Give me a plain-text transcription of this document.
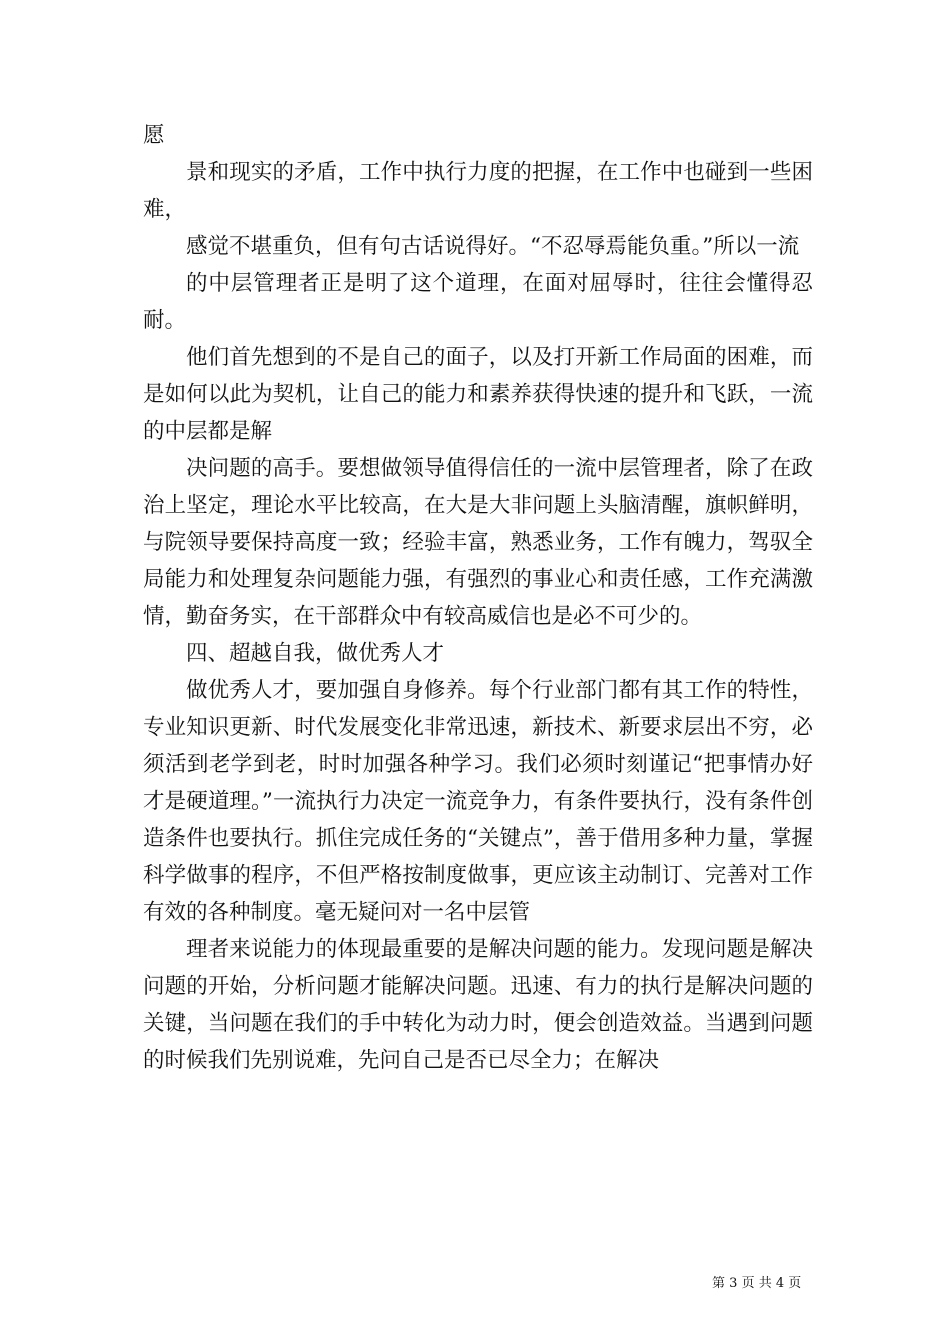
愿

景和现实的矛盾，工作中执行力度的把握，在工作中也碰到一些困难，

感觉不堪重负，但有句古话说得好。“不忍辱焉能负重。”所以一流

的中层管理者正是明了这个道理，在面对屈辱时，往往会懂得忍耐。

他们首先想到的不是自己的面子，以及打开新工作局面的困难，而是如何以此为契机，让自己的能力和素养获得快速的提升和飞跃，一流的中层都是解

决问题的高手。要想做领导值得信任的一流中层管理者，除了在政治上坚定，理论水平比较高，在大是大非问题上头脑清醒，旗帜鲜明，与院领导要保持高度一致；经验丰富，熟悉业务，工作有魄力，驾驭全局能力和处理复杂问题能力强，有强烈的事业心和责任感，工作充满激情，勤奋务实，在干部群众中有较高威信也是必不可少的。

四、超越自我，做优秀人才

做优秀人才，要加强自身修养。每个行业部门都有其工作的特性，专业知识更新、时代发展变化非常迅速，新技术、新要求层出不穷，必须活到老学到老，时时加强各种学习。我们必须时刻谨记“把事情办好才是硬道理。”一流执行力决定一流竞争力，有条件要执行，没有条件创造条件也要执行。抓住完成任务的“关键点”，善于借用多种力量，掌握科学做事的程序，不但严格按制度做事，更应该主动制订、完善对工作有效的各种制度。毫无疑问对一名中层管

理者来说能力的体现最重要的是解决问题的能力。发现问题是解决问题的开始，分析问题才能解决问题。迅速、有力的执行是解决问题的关键，当问题在我们的手中转化为动力时，便会创造效益。当遇到问题的时候我们先别说难，先问自己是否已尽全力；在解决

第 3 页 共 4 页
